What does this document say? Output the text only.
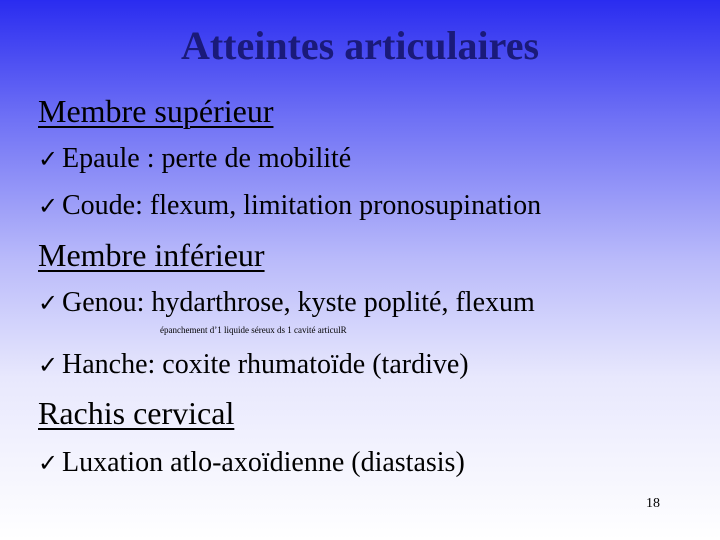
Atteintes articulaires
Membre supérieur
✓ Epaule : perte de mobilité
✓ Coude: flexum, limitation pronosupination
Membre inférieur
✓ Genou: hydarthrose, kyste poplité, flexum
épanchement d’1 liquide séreux ds 1 cavité articulR
✓ Hanche: coxite rhumatoïde (tardive)
Rachis cervical
✓ Luxation atlo-axoïdienne (diastasis)
18
